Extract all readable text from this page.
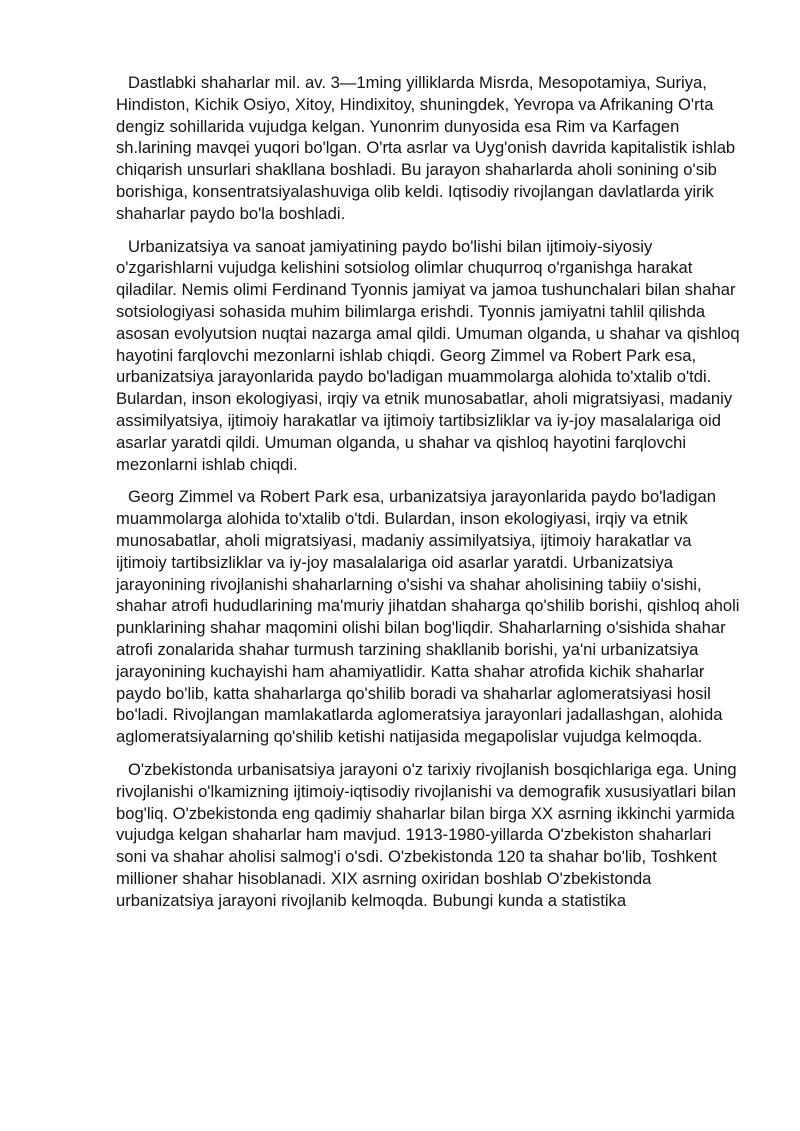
Dastlabki shaharlar mil. av. 3—1ming yilliklarda Misrda, Mesopotamiya, Suriya, Hindiston, Kichik Osiyo, Xitoy, Hindixitoy, shuningdek, Yevropa va Afrikaning O'rta dengiz sohillarida vujudga kelgan. Yunonrim dunyosida esa Rim va Karfagen sh.larining mavqei yuqori bo'lgan. O'rta asrlar va Uyg'onish davrida kapitalistik ishlab chiqarish unsurlari shakllana boshladi. Bu jarayon shaharlarda aholi sonining o'sib borishiga, konsentratsiyalashuviga olib keldi. Iqtisodiy rivojlangan davlatlarda yirik shaharlar paydo bo'la boshladi.

Urbanizatsiya va sanoat jamiyatining paydo bo'lishi bilan ijtimoiy-siyosiy o'zgarishlarni vujudga kelishini sotsiolog olimlar chuqurroq o'rganishga harakat qiladilar. Nemis olimi Ferdinand Tyonnis jamiyat va jamoa tushunchalari bilan shahar sotsiologiyasi sohasida muhim bilimlarga erishdi. Tyonnis jamiyatni tahlil qilishda asosan evolyutsion nuqtai nazarga amal qildi. Umuman olganda, u shahar va qishloq hayotini farqlovchi mezonlarni ishlab chiqdi. Georg Zimmel va Robert Park esa, urbanizatsiya jarayonlarida paydo bo'ladigan muammolarga alohida to'xtalib o'tdi. Bulardan, inson ekologiyasi, irqiy va etnik munosabatlar, aholi migratsiyasi, madaniy assimilyatsiya, ijtimoiy harakatlar va ijtimoiy tartibsizliklar va iy-joy masalalariga oid asarlar yaratdi qildi. Umuman olganda, u shahar va qishloq hayotini farqlovchi mezonlarni ishlab chiqdi.

Georg Zimmel va Robert Park esa, urbanizatsiya jarayonlarida paydo bo'ladigan muammolarga alohida to'xtalib o'tdi. Bulardan, inson ekologiyasi, irqiy va etnik munosabatlar, aholi migratsiyasi, madaniy assimilyatsiya, ijtimoiy harakatlar va ijtimoiy tartibsizliklar va iy-joy masalalariga oid asarlar yaratdi. Urbanizatsiya jarayonining rivojlanishi shaharlarning o'sishi va shahar aholisining tabiiy o'sishi, shahar atrofi hududlarining ma'muriy jihatdan shaharga qo'shilib borishi, qishloq aholi punklarining shahar maqomini olishi bilan bog'liqdir. Shaharlarning o'sishida shahar atrofi zonalarida shahar turmush tarzining shakllanib borishi, ya'ni urbanizatsiya jarayonining kuchayishi ham ahamiyatlidir. Katta shahar atrofida kichik shaharlar paydo bo'lib, katta shaharlarga qo'shilib boradi va shaharlar aglomeratsiyasi hosil bo'ladi. Rivojlangan mamlakatlarda aglomeratsiya jarayonlari jadallashgan, alohida aglomeratsiyalarning qo'shilib ketishi natijasida megapolislar vujudga kelmoqda.

O'zbekistonda urbanisatsiya jarayoni o'z tarixiy rivojlanish bosqichlariga ega. Uning rivojlanishi o'lkamizning ijtimoiy-iqtisodiy rivojlanishi va demografik xususiyatlari bilan bog'liq. O'zbekistonda eng qadimiy shaharlar bilan birga XX asrning ikkinchi yarmida vujudga kelgan shaharlar ham mavjud. 1913-1980-yillarda O'zbekiston shaharlari soni va shahar aholisi salmog'i o'sdi. O'zbekistonda 120 ta shahar bo'lib, Toshkent millioner shahar hisoblanadi. XIX asrning oxiridan boshlab O'zbekistonda urbanizatsiya jarayoni rivojlanib kelmoqda. Bubungi kunda a statistika
